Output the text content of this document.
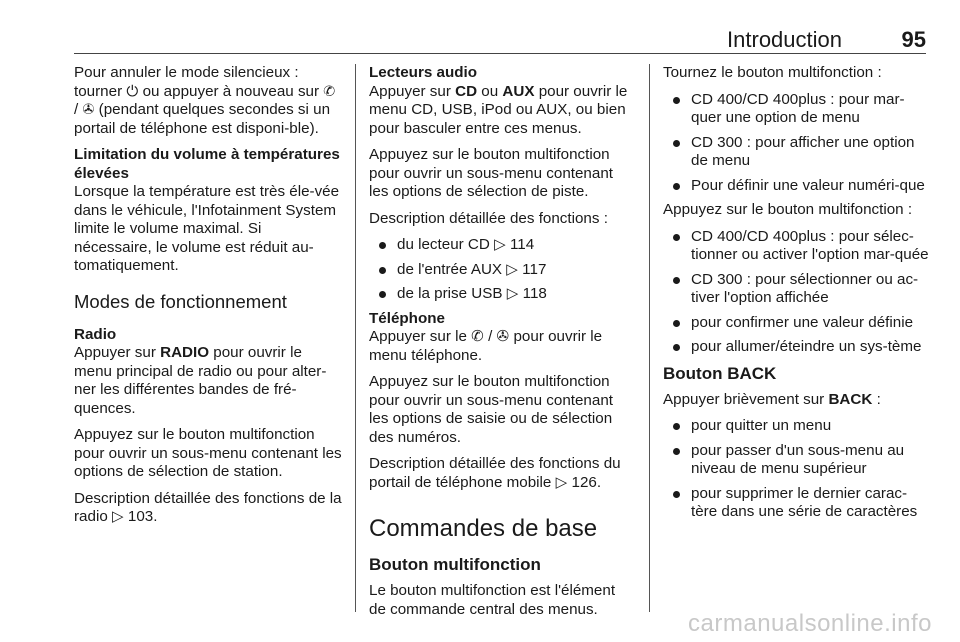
Introduction	95

Pour annuler le mode silencieux : tourner ⏻ ou appuyer à nouveau sur ✆ / ✇ (pendant quelques secondes si un portail de téléphone est disponi-ble).

Limitation du volume à températures élevées

Lorsque la température est très éle-vée dans le véhicule, l'Infotainment System limite le volume maximal. Si nécessaire, le volume est réduit au-tomatiquement.

Modes de fonctionnement

Radio

Appuyer sur RADIO pour ouvrir le menu principal de radio ou pour alter-ner les différentes bandes de fré-quences.

Appuyez sur le bouton multifonction pour ouvrir un sous-menu contenant les options de sélection de station.

Description détaillée des fonctions de la radio ▷ 103.

Lecteurs audio

Appuyer sur CD ou AUX pour ouvrir le menu CD, USB, iPod ou AUX, ou bien pour basculer entre ces menus.

Appuyez sur le bouton multifonction pour ouvrir un sous-menu contenant les options de sélection de piste.

Description détaillée des fonctions :

du lecteur CD ▷ 114
de l'entrée AUX ▷ 117
de la prise USB ▷ 118

Téléphone

Appuyer sur le ✆ / ✇ pour ouvrir le menu téléphone.

Appuyez sur le bouton multifonction pour ouvrir un sous-menu contenant les options de saisie ou de sélection des numéros.

Description détaillée des fonctions du portail de téléphone mobile ▷ 126.

Commandes de base
Bouton multifonction

Le bouton multifonction est l'élément de commande central des menus.

Tournez le bouton multifonction :

CD 400/CD 400plus : pour mar-quer une option de menu
CD 300 : pour afficher une option de menu
Pour définir une valeur numéri-que

Appuyez sur le bouton multifonction :

CD 400/CD 400plus : pour sélec-tionner ou activer l'option mar-quée
CD 300 : pour sélectionner ou ac-tiver l'option affichée
pour confirmer une valeur définie
pour allumer/éteindre un sys-tème
Bouton BACK

Appuyer brièvement sur BACK :

pour quitter un menu
pour passer d'un sous-menu au niveau de menu supérieur
pour supprimer le dernier carac-tère dans une série de caractères
carmanualsonline.info
